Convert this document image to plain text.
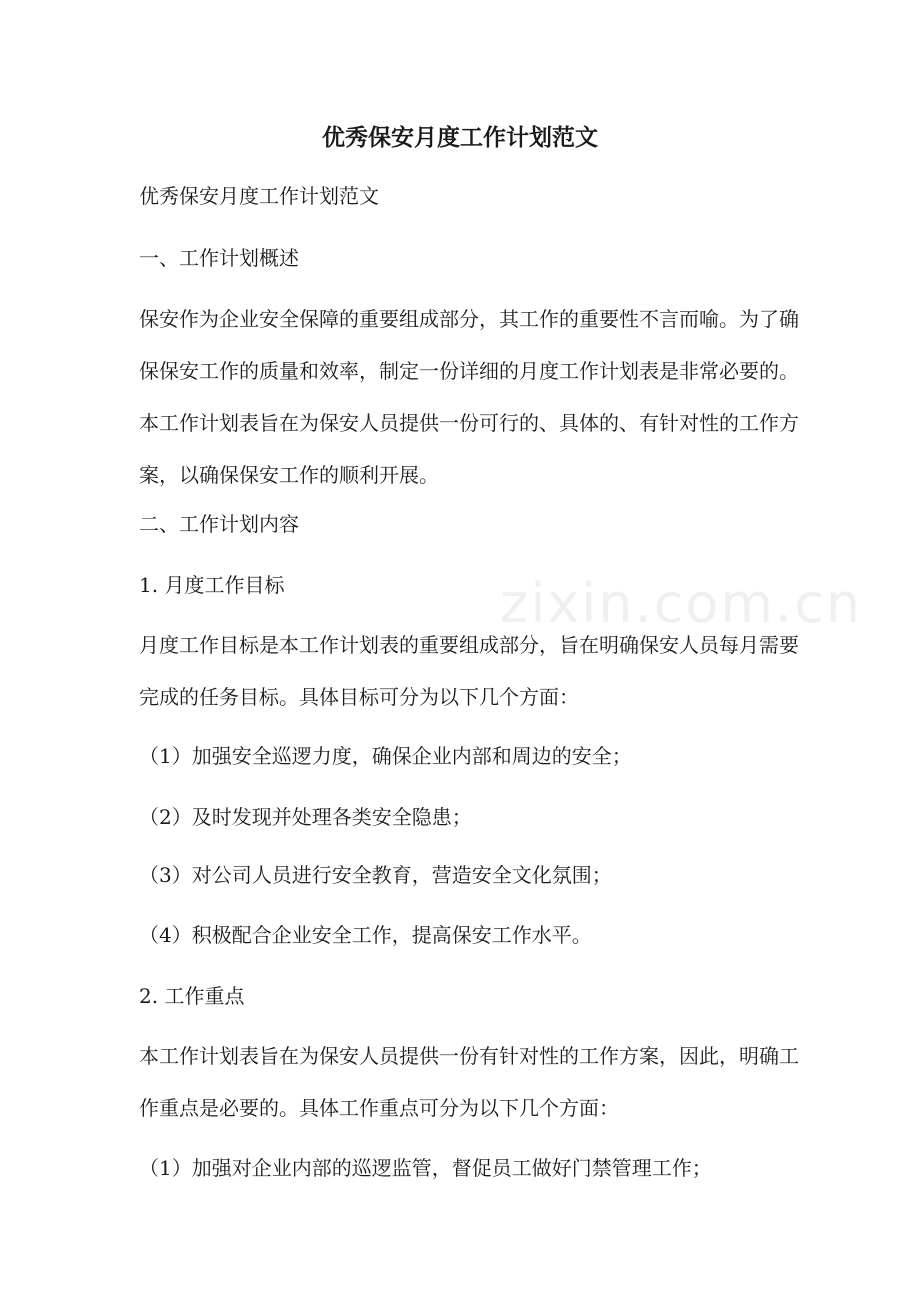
zixin.com.cn
优秀保安月度工作计划范文

优秀保安月度工作计划范文

一、工作计划概述

保安作为企业安全保障的重要组成部分，其工作的重要性不言而喻。为了确保保安工作的质量和效率，制定一份详细的月度工作计划表是非常必要的。本工作计划表旨在为保安人员提供一份可行的、具体的、有针对性的工作方案，以确保保安工作的顺利开展。

二、工作计划内容

1. 月度工作目标

月度工作目标是本工作计划表的重要组成部分，旨在明确保安人员每月需要完成的任务目标。具体目标可分为以下几个方面：

（1）加强安全巡逻力度，确保企业内部和周边的安全；

（2）及时发现并处理各类安全隐患；

（3）对公司人员进行安全教育，营造安全文化氛围；

（4）积极配合企业安全工作，提高保安工作水平。

2. 工作重点

本工作计划表旨在为保安人员提供一份有针对性的工作方案，因此，明确工作重点是必要的。具体工作重点可分为以下几个方面：

（1）加强对企业内部的巡逻监管，督促员工做好门禁管理工作；
